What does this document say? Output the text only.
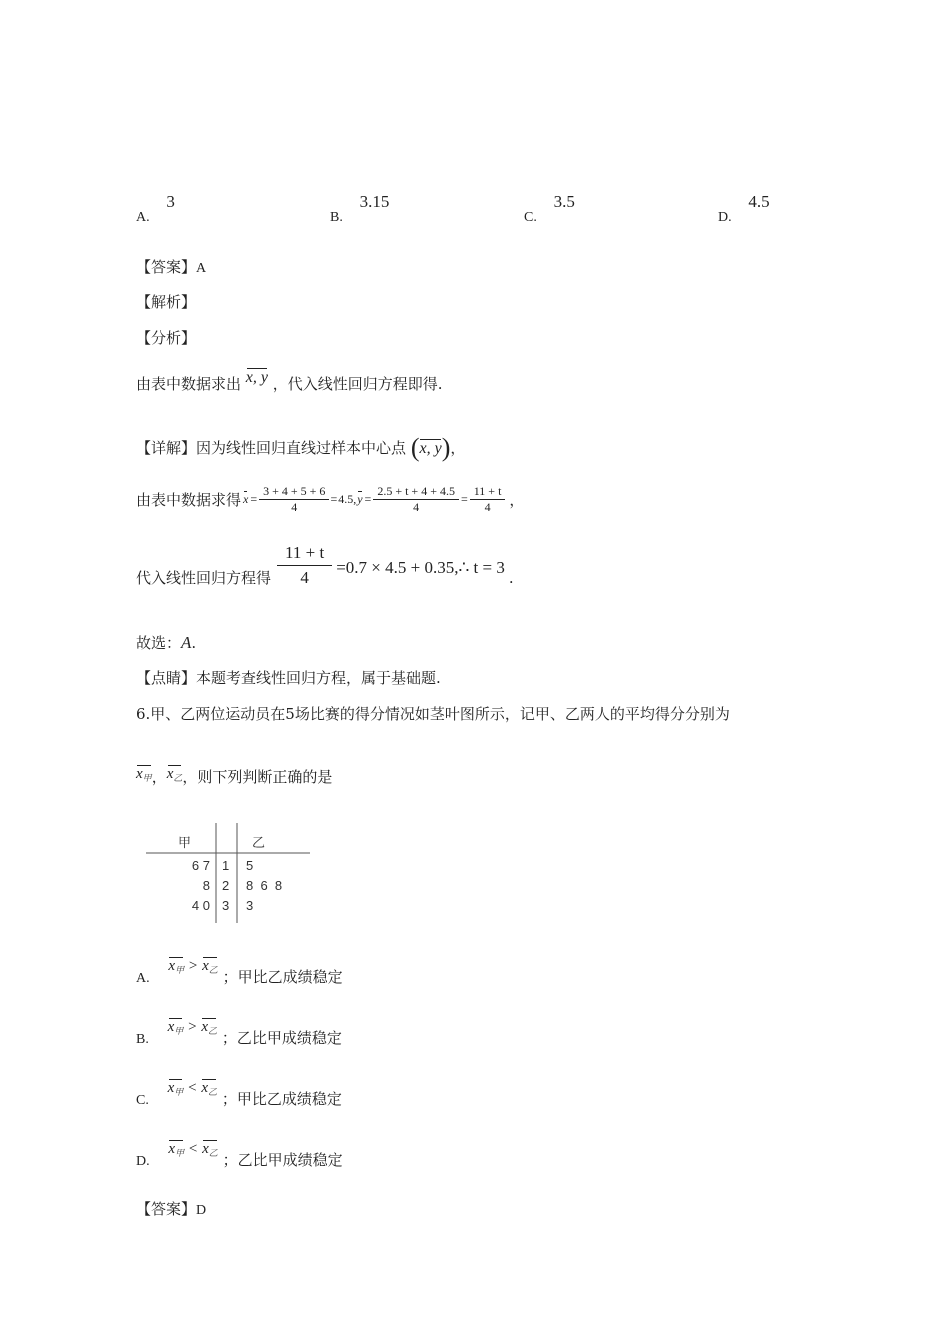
A. 3
B. 3.15
C. 3.5
D. 4.5
【答案】A
【解析】
【分析】
由表中数据求出 x, y ，代入线性回归方程即得.
【详解】因为线性回归直线过样本中心点 (x, y)，
由表中数据求得 $x = \frac{3 + 4 + 5 + 6}{4} = 4.5$, $y = \frac{2.5 + t + 4 + 4.5}{4} = \frac{11 + t}{4}$ ，
代入线性回归方程得 $\frac{11 + t}{4} =0.7 \times 4.5$ + 0.35,∴ t = 3
.
故选：A.
【点睛】本题考查线性回归方程，属于基础题.
6.甲、乙两位运动员在5场比赛的得分情况如茎叶图所示，记甲、乙两人的平均得分分别为
$x_甲$，$x_乙$，则下列判断正确的是
甲	乙
6 7 1 5
8 2 8  6  8
4 0 3 3
A. $x_甲 > x_乙$ ；甲比乙成绩稳定
B. $x_甲 > x_乙$ ；乙比甲成绩稳定
C. $x_甲 < x_乙$ ；甲比乙成绩稳定
D. $x_甲 < x_乙$ ；乙比甲成绩稳定
【答案】D
